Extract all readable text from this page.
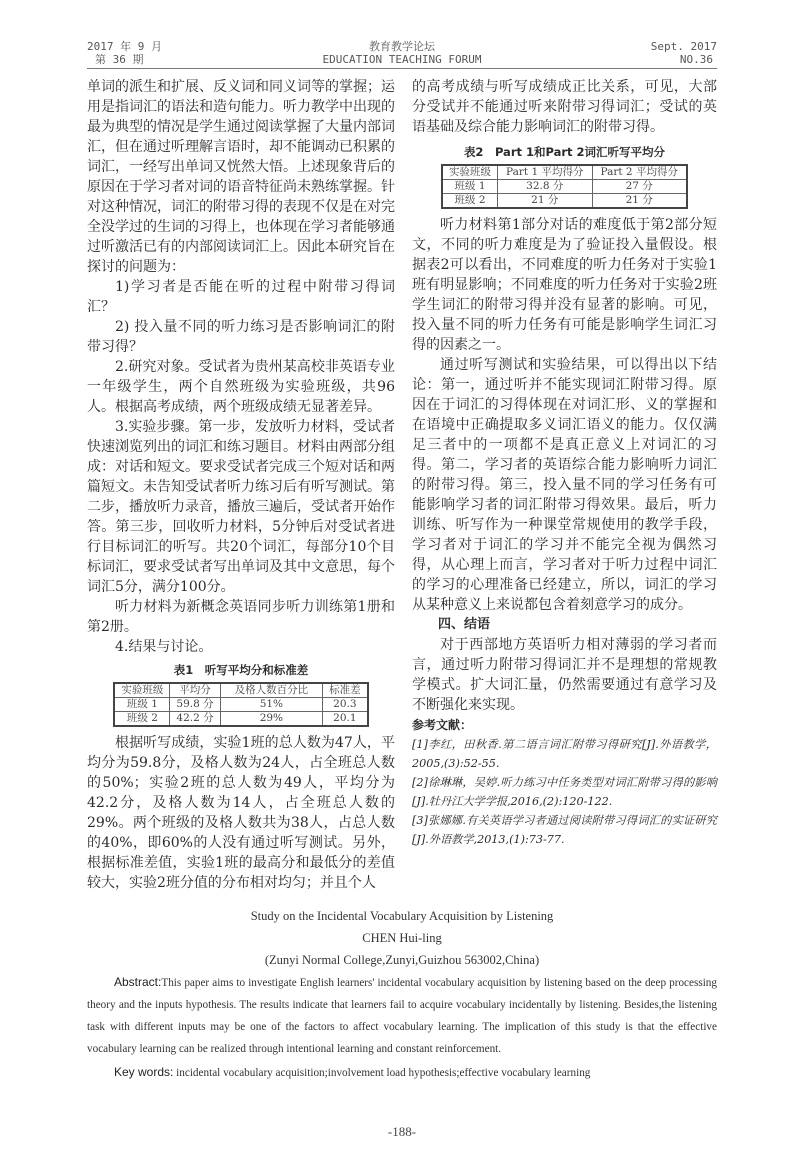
2017 年 9 月
第 36 期
教育教学论坛
EDUCATION TEACHING FORUM
Sept. 2017
NO.36

单词的派生和扩展、反义词和同义词等的掌握；运用是指词汇的语法和造句能力。听力教学中出现的最为典型的情况是学生通过阅读掌握了大量内部词汇，但在通过听理解言语时，却不能调动已积累的词汇，一经写出单词又恍然大悟。上述现象背后的原因在于学习者对词的语音特征尚未熟练掌握。针对这种情况，词汇的附带习得的表现不仅是在对完全没学过的生词的习得上，也体现在学习者能够通过听激活已有的内部阅读词汇上。因此本研究旨在探讨的问题为：

1)学习者是否能在听的过程中附带习得词汇？

2) 投入量不同的听力练习是否影响词汇的附带习得？

2.研究对象。受试者为贵州某高校非英语专业一年级学生，两个自然班级为实验班级，共96人。根据高考成绩，两个班级成绩无显著差异。

3.实验步骤。第一步，发放听力材料，受试者快速浏览列出的词汇和练习题目。材料由两部分组成：对话和短文。要求受试者完成三个短对话和两篇短文。未告知受试者听力练习后有听写测试。第二步，播放听力录音，播放三遍后，受试者开始作答。第三步，回收听力材料，5分钟后对受试者进行目标词汇的听写。共20个词汇，每部分10个目标词汇，要求受试者写出单词及其中文意思，每个词汇5分，满分100分。

听力材料为新概念英语同步听力训练第1册和第2册。

4.结果与讨论。

表1　听写平均分和标准差
实验班级	平均分	及格人数百分比	标准差
班级 1	59.8 分	51%	20.3
班级 2	42.2 分	29%	20.1

根据听写成绩，实验1班的总人数为47人，平均分为59.8分，及格人数为24人，占全班总人数的50%；实验2班的总人数为49人，平均分为42.2分，及格人数为14人，占全班总人数的29%。两个班级的及格人数共为38人，占总人数的40%，即60%的人没有通过听写测试。另外，根据标准差值，实验1班的最高分和最低分的差值较大，实验2班分值的分布相对均匀；并且个人

的高考成绩与听写成绩成正比关系，可见，大部分受试并不能通过听来附带习得词汇；受试的英语基础及综合能力影响词汇的附带习得。

表2　Part 1和Part 2词汇听写平均分
实验班级	Part 1 平均得分	Part 2 平均得分
班级 1	32.8 分	27 分
班级 2	21 分	21 分

听力材料第1部分对话的难度低于第2部分短文，不同的听力难度是为了验证投入量假设。根据表2可以看出，不同难度的听力任务对于实验1班有明显影响；不同难度的听力任务对于实验2班学生词汇的附带习得并没有显著的影响。可见，投入量不同的听力任务有可能是影响学生词汇习得的因素之一。

通过听写测试和实验结果，可以得出以下结论：第一，通过听并不能实现词汇附带习得。原因在于词汇的习得体现在对词汇形、义的掌握和在语境中正确提取多义词汇语义的能力。仅仅满足三者中的一项都不是真正意义上对词汇的习得。第二，学习者的英语综合能力影响听力词汇的附带习得。第三，投入量不同的学习任务有可能影响学习者的词汇附带习得效果。最后，听力训练、听写作为一种课堂常规使用的教学手段，学习者对于词汇的学习并不能完全视为偶然习得，从心理上而言，学习者对于听力过程中词汇的学习的心理准备已经建立，所以，词汇的学习从某种意义上来说都包含着刻意学习的成分。

四、结语

对于西部地方英语听力相对薄弱的学习者而言，通过听力附带习得词汇并不是理想的常规教学模式。扩大词汇量，仍然需要通过有意学习及不断强化来实现。

参考文献：

[1]李红，田秋香.第二语言词汇附带习得研究[J].外语教学，2005,(3):52-55.

[2]徐琳琳，吴婷.听力练习中任务类型对词汇附带习得的影响[J].牡丹江大学学报,2016,(2):120-122.

[3]张娜娜.有关英语学习者通过阅读附带习得词汇的实证研究[J].外语教学,2013,(1):73-77.

Study on the Incidental Vocabulary Acquisition by Listening
CHEN Hui-ling
(Zunyi Normal College,Zunyi,Guizhou 563002,China)
Abstract:This paper aims to investigate English learners' incidental vocabulary acquisition by listening based on the deep processing theory and the inputs hypothesis. The results indicate that learners fail to acquire vocabulary incidentally by listening. Besides,the listening task with different inputs may be one of the factors to affect vocabulary learning. The implication of this study is that the effective vocabulary learning can be realized through intentional learning and constant reinforcement.
Key words: incidental vocabulary acquisition;involvement load hypothesis;effective vocabulary learning
-188-
